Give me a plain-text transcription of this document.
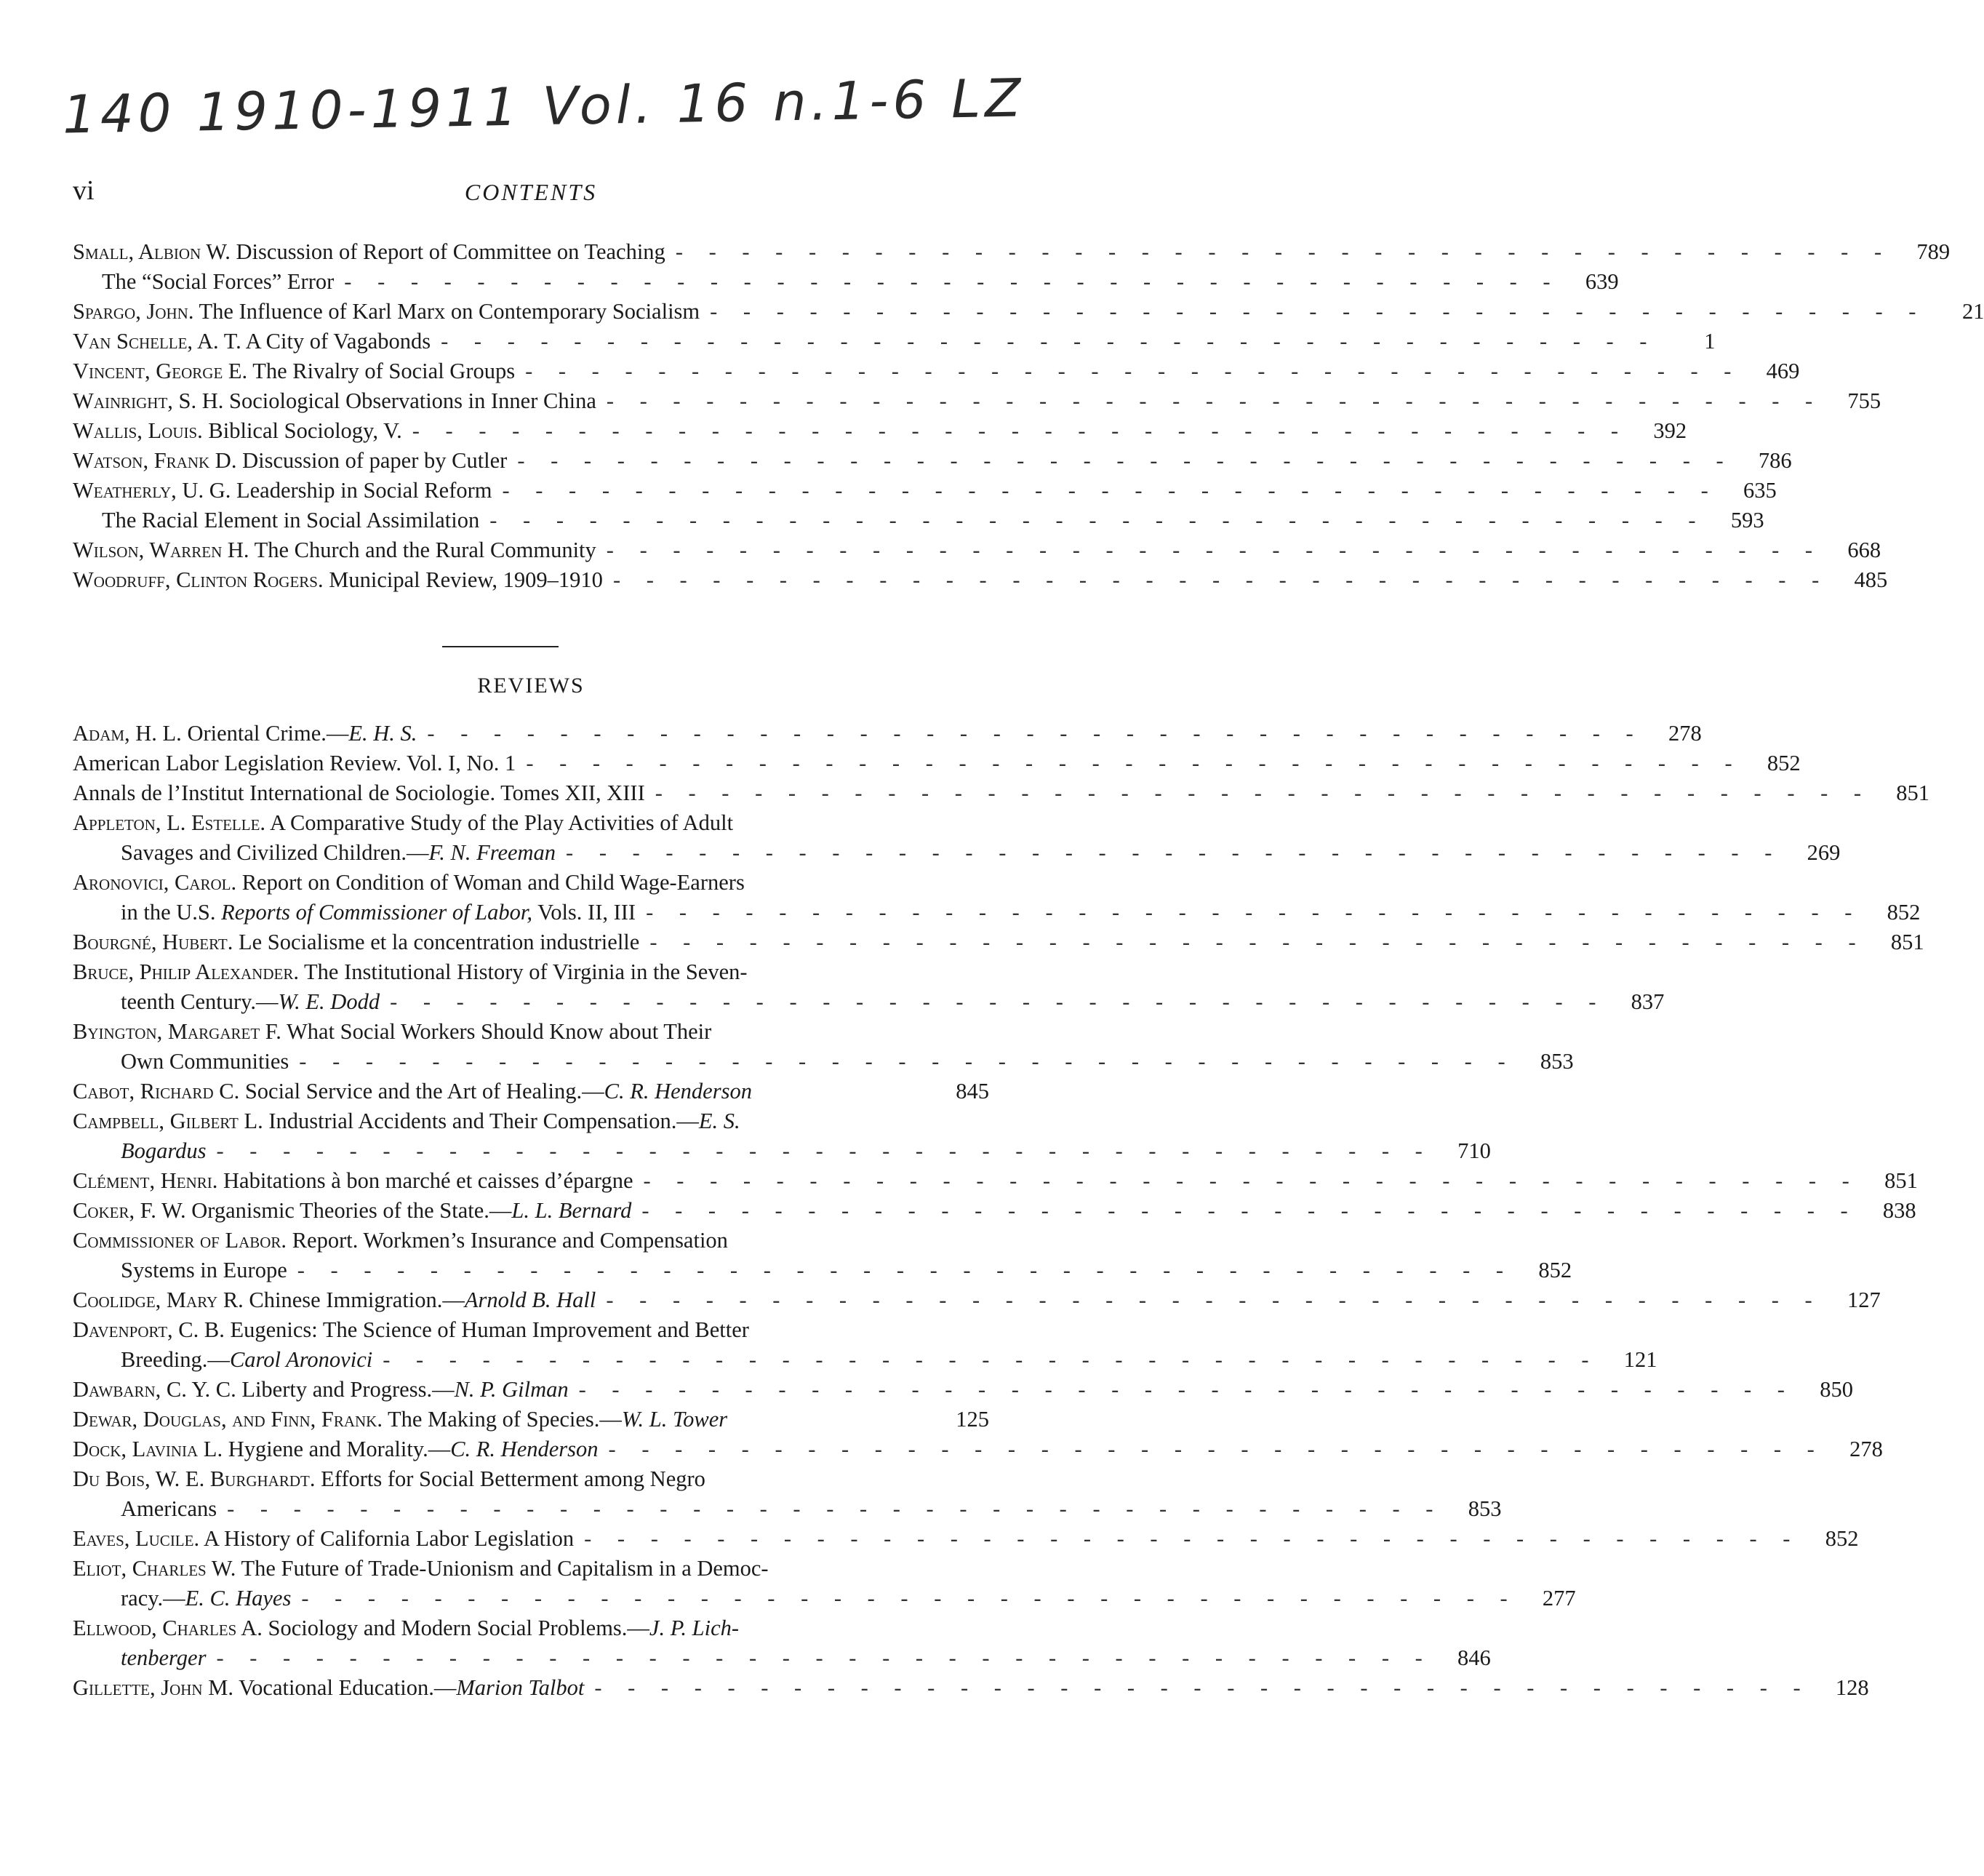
140 1910-1911 Vol. 16 n.1-6 LZ
vi	CONTENTS
Small, Albion W. Discussion of Report of Committee on Teaching - - - - - - - - - - - - - - - - - - - - - - - - - - - - - - - - - - - - -	789
The “Social Forces” Error - - - - - - - - - - - - - - - - - - - - - - - - - - - - - - - - - - - - -	639
Spargo, John. The Influence of Karl Marx on Contemporary Socialism - - - - - - - - - - - - - - - - - - - - - - - - - - - - - - - - - - - - -	21
Van Schelle, A. T. A City of Vagabonds - - - - - - - - - - - - - - - - - - - - - - - - - - - - - - - - - - - - -	1
Vincent, George E. The Rivalry of Social Groups - - - - - - - - - - - - - - - - - - - - - - - - - - - - - - - - - - - - -	469
Wainright, S. H. Sociological Observations in Inner China - - - - - - - - - - - - - - - - - - - - - - - - - - - - - - - - - - - - -	755
Wallis, Louis. Biblical Sociology, V. - - - - - - - - - - - - - - - - - - - - - - - - - - - - - - - - - - - - -	392
Watson, Frank D. Discussion of paper by Cutler - - - - - - - - - - - - - - - - - - - - - - - - - - - - - - - - - - - - -	786
Weatherly, U. G. Leadership in Social Reform - - - - - - - - - - - - - - - - - - - - - - - - - - - - - - - - - - - - -	635
The Racial Element in Social Assimilation - - - - - - - - - - - - - - - - - - - - - - - - - - - - - - - - - - - - -	593
Wilson, Warren H. The Church and the Rural Community - - - - - - - - - - - - - - - - - - - - - - - - - - - - - - - - - - - - -	668
Woodruff, Clinton Rogers. Municipal Review, 1909–1910 - - - - - - - - - - - - - - - - - - - - - - - - - - - - - - - - - - - - -	485
REVIEWS
Adam, H. L. Oriental Crime.—E. H. S. - - - - - - - - - - - - - - - - - - - - - - - - - - - - - - - - - - - - -	278
American Labor Legislation Review. Vol. I, No. 1 - - - - - - - - - - - - - - - - - - - - - - - - - - - - - - - - - - - - -	852
Annals de l’Institut International de Sociologie. Tomes XII, XIII - - - - - - - - - - - - - - - - - - - - - - - - - - - - - - - - - - - - -	851
Appleton, L. Estelle. A Comparative Study of the Play Activities of Adult
Savages and Civilized Children.—F. N. Freeman - - - - - - - - - - - - - - - - - - - - - - - - - - - - - - - - - - - - -	269
Aronovici, Carol. Report on Condition of Woman and Child Wage-Earners
in the U.S. Reports of Commissioner of Labor, Vols. II, III - - - - - - - - - - - - - - - - - - - - - - - - - - - - - - - - - - - - -	852
Bourgné, Hubert. Le Socialisme et la concentration industrielle - - - - - - - - - - - - - - - - - - - - - - - - - - - - - - - - - - - - -	851
Bruce, Philip Alexander. The Institutional History of Virginia in the Seven-
teenth Century.—W. E. Dodd - - - - - - - - - - - - - - - - - - - - - - - - - - - - - - - - - - - - -	837
Byington, Margaret F. What Social Workers Should Know about Their
Own Communities - - - - - - - - - - - - - - - - - - - - - - - - - - - - - - - - - - - - -	853
Cabot, Richard C. Social Service and the Art of Healing.—C. R. Henderson	845
Campbell, Gilbert L. Industrial Accidents and Their Compensation.—E. S.
Bogardus - - - - - - - - - - - - - - - - - - - - - - - - - - - - - - - - - - - - -	710
Clément, Henri. Habitations à bon marché et caisses d’épargne - - - - - - - - - - - - - - - - - - - - - - - - - - - - - - - - - - - - -	851
Coker, F. W. Organismic Theories of the State.—L. L. Bernard - - - - - - - - - - - - - - - - - - - - - - - - - - - - - - - - - - - - -	838
Commissioner of Labor. Report. Workmen’s Insurance and Compensation
Systems in Europe - - - - - - - - - - - - - - - - - - - - - - - - - - - - - - - - - - - - -	852
Coolidge, Mary R. Chinese Immigration.—Arnold B. Hall - - - - - - - - - - - - - - - - - - - - - - - - - - - - - - - - - - - - -	127
Davenport, C. B. Eugenics: The Science of Human Improvement and Better
Breeding.—Carol Aronovici - - - - - - - - - - - - - - - - - - - - - - - - - - - - - - - - - - - - -	121
Dawbarn, C. Y. C. Liberty and Progress.—N. P. Gilman - - - - - - - - - - - - - - - - - - - - - - - - - - - - - - - - - - - - -	850
Dewar, Douglas, and Finn, Frank. The Making of Species.—W. L. Tower	125
Dock, Lavinia L. Hygiene and Morality.—C. R. Henderson - - - - - - - - - - - - - - - - - - - - - - - - - - - - - - - - - - - - -	278
Du Bois, W. E. Burghardt. Efforts for Social Betterment among Negro
Americans - - - - - - - - - - - - - - - - - - - - - - - - - - - - - - - - - - - - -	853
Eaves, Lucile. A History of California Labor Legislation - - - - - - - - - - - - - - - - - - - - - - - - - - - - - - - - - - - - -	852
Eliot, Charles W. The Future of Trade-Unionism and Capitalism in a Democ-
racy.—E. C. Hayes - - - - - - - - - - - - - - - - - - - - - - - - - - - - - - - - - - - - -	277
Ellwood, Charles A. Sociology and Modern Social Problems.—J. P. Lich-
tenberger - - - - - - - - - - - - - - - - - - - - - - - - - - - - - - - - - - - - -	846
Gillette, John M. Vocational Education.—Marion Talbot - - - - - - - - - - - - - - - - - - - - - - - - - - - - - - - - - - - - -	128
